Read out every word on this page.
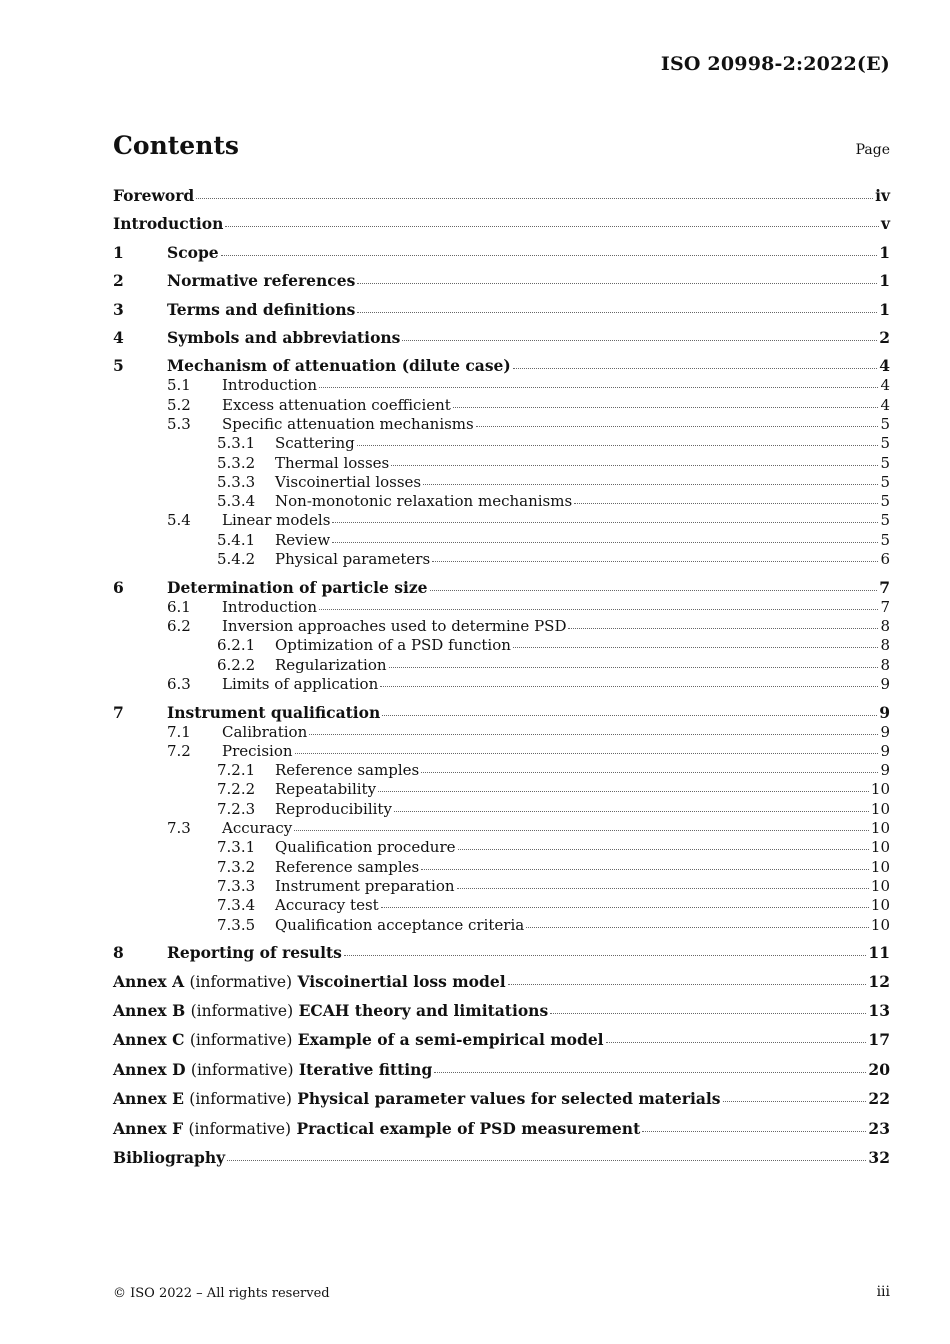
ISO 20998-2:2022(E)
Contents	Page
Foreword	iv
Introduction	v
1	Scope	1
2	Normative references	1
3	Terms and definitions	1
4	Symbols and abbreviations	2
5	Mechanism of attenuation (dilute case)	4
5.1	Introduction	4
5.2	Excess attenuation coefficient	4
5.3	Specific attenuation mechanisms	5
5.3.1	Scattering	5
5.3.2	Thermal losses	5
5.3.3	Viscoinertial losses	5
5.3.4	Non-monotonic relaxation mechanisms	5
5.4	Linear models	5
5.4.1	Review	5
5.4.2	Physical parameters	6
6	Determination of particle size	7
6.1	Introduction	7
6.2	Inversion approaches used to determine PSD	8
6.2.1	Optimization of a PSD function	8
6.2.2	Regularization	8
6.3	Limits of application	9
7	Instrument qualification	9
7.1	Calibration	9
7.2	Precision	9
7.2.1	Reference samples	9
7.2.2	Repeatability	10
7.2.3	Reproducibility	10
7.3	Accuracy	10
7.3.1	Qualification procedure	10
7.3.2	Reference samples	10
7.3.3	Instrument preparation	10
7.3.4	Accuracy test	10
7.3.5	Qualification acceptance criteria	10
8	Reporting of results	11
Annex A (informative) Viscoinertial loss model	12
Annex B (informative) ECAH theory and limitations	13
Annex C (informative) Example of a semi-empirical model	17
Annex D (informative) Iterative fitting	20
Annex E (informative) Physical parameter values for selected materials	22
Annex F (informative) Practical example of PSD measurement	23
Bibliography	32
© ISO 2022 – All rights reserved	iii
